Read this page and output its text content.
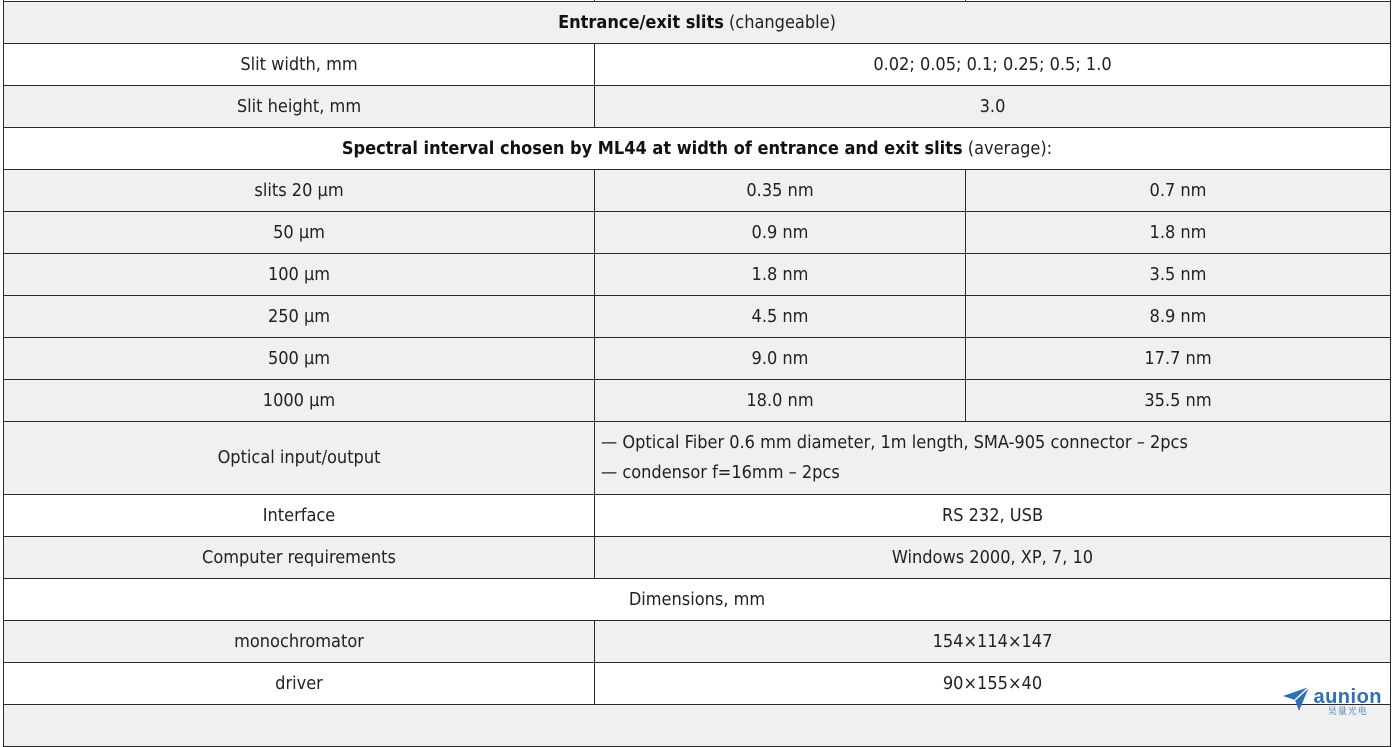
Entrance/exit slits (changeable)		
Slit width, mm	0.02; 0.05; 0.1; 0.25; 0.5; 1.0	
Slit height, mm	3.0	
Spectral interval chosen by ML44 at width of entrance and exit slits (average):		
slits 20 µm	0.35 nm	0.7 nm
50 µm	0.9 nm	1.8 nm
100 µm	1.8 nm	3.5 nm
250 µm	4.5 nm	8.9 nm
500 µm	9.0 nm	17.7 nm
1000 µm	18.0 nm	35.5 nm
Optical input/output	— Optical Fiber 0.6 mm diameter, 1m length, SMA-905 connector – 2pcs
— condensor f=16mm – 2pcs	

Interface	RS 232, USB	
Computer requirements	Windows 2000, XP, 7, 10	
Dimensions, mm		
monochromator	154×114×147	
driver	90×155×40	

aunion
昊量光电
